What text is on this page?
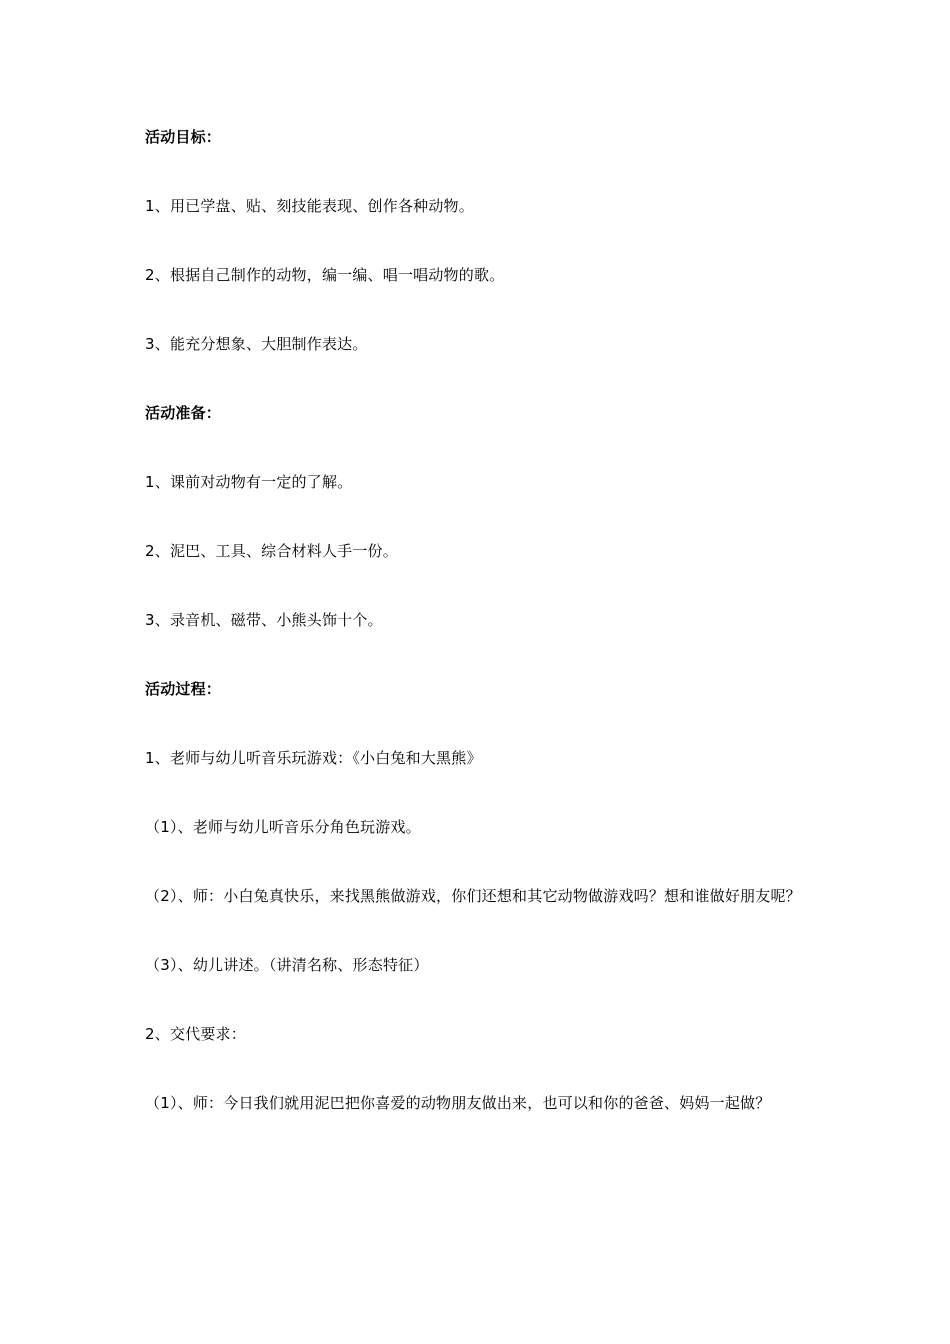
活动目标：

1、用已学盘、贴、刻技能表现、创作各种动物。

2、根据自己制作的动物，编一编、唱一唱动物的歌。

3、能充分想象、大胆制作表达。

活动准备：

1、课前对动物有一定的了解。

2、泥巴、工具、综合材料人手一份。

3、录音机、磁带、小熊头饰十个。

活动过程：

1、老师与幼儿听音乐玩游戏：《小白兔和大黑熊》

（1）、老师与幼儿听音乐分角色玩游戏。

（2）、师：小白兔真快乐，来找黑熊做游戏，你们还想和其它动物做游戏吗？想和谁做好朋友呢？

（3）、幼儿讲述。（讲清名称、形态特征）

2、交代要求：

（1）、师：今日我们就用泥巴把你喜爱的动物朋友做出来，也可以和你的爸爸、妈妈一起做？
